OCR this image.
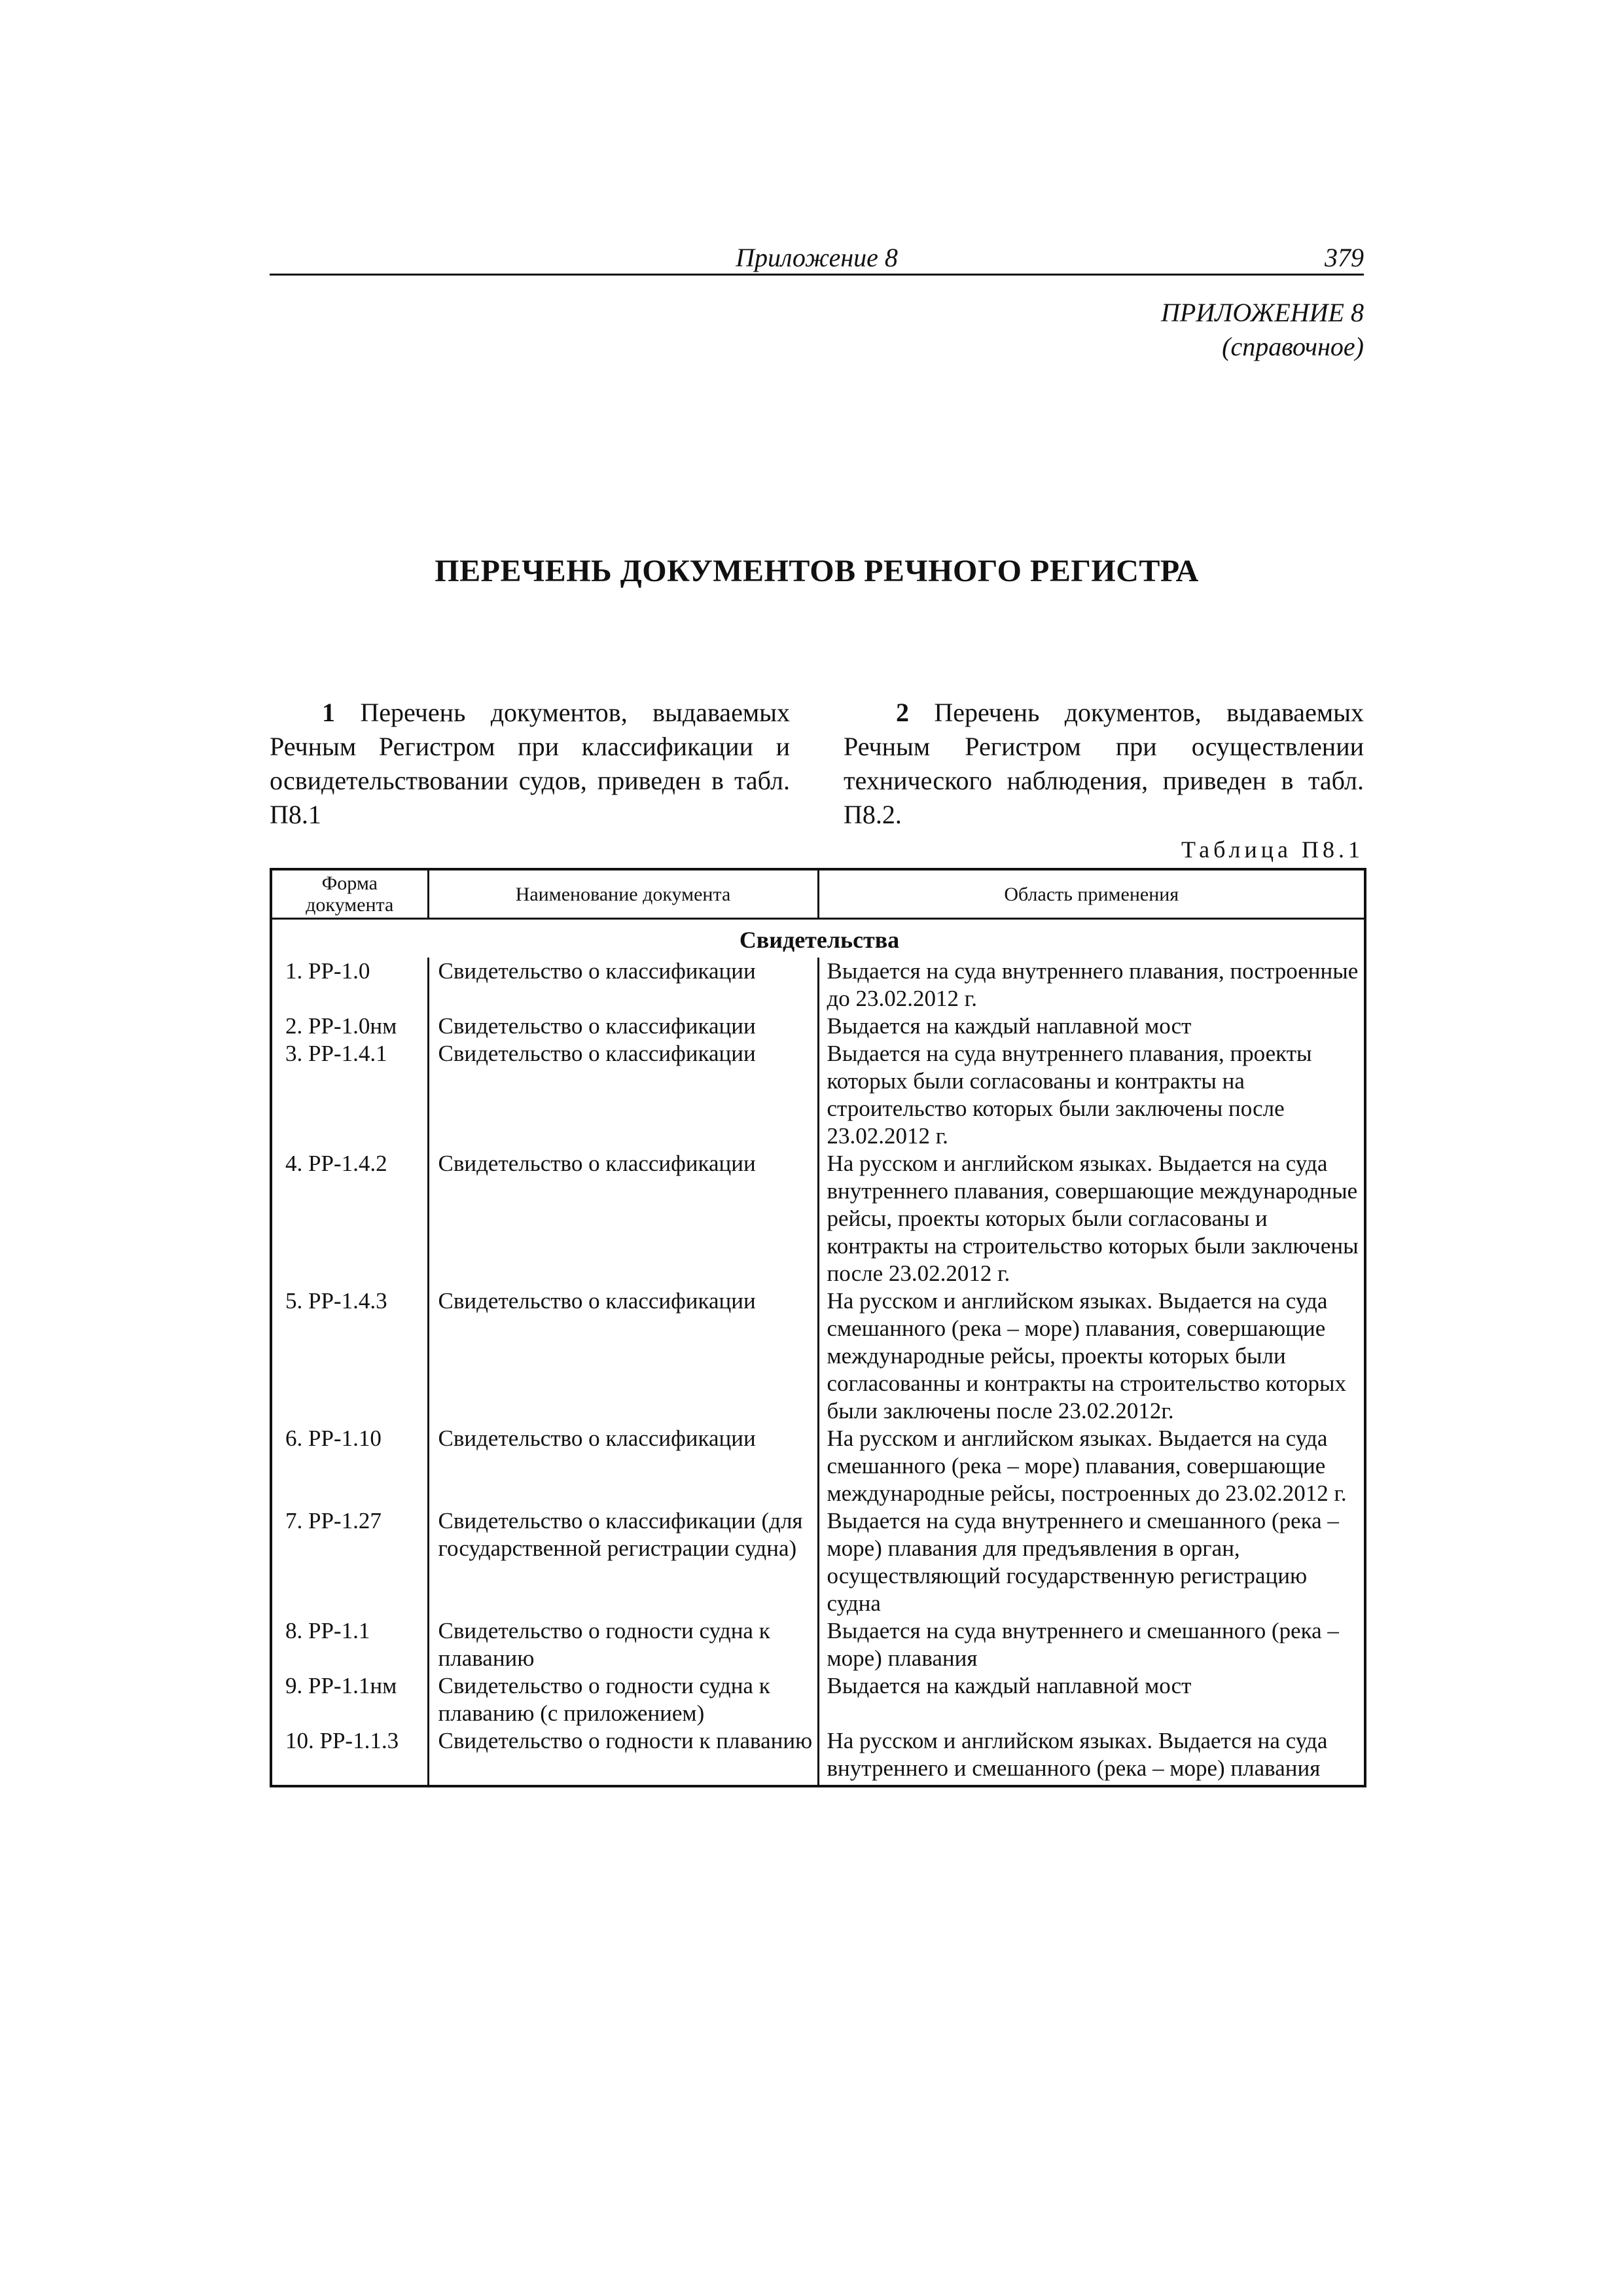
Приложение 8	379
ПРИЛОЖЕНИЕ 8
(справочное)
ПЕРЕЧЕНЬ ДОКУМЕНТОВ РЕЧНОГО РЕГИСТРА
1 Перечень документов, выдаваемых Речным Регистром при классификации и освидетельствовании судов, приведен в табл. П8.1
2 Перечень документов, выдаваемых Речным Регистром при осуществлении технического наблюдения, приведен в табл. П8.2.
Таблица П8.1
Форма документа	Наименование документа	Область применения
Свидетельства		
1. РР-1.0	Свидетельство о классификации	Выдается на суда внутреннего плавания, построенные до 23.02.2012 г.
2. РР-1.0нм	Свидетельство о классификации	Выдается на каждый наплавной мост
3. РР-1.4.1	Свидетельство о классификации	Выдается на суда внутреннего плавания, проекты которых были согласованы и контракты на строительство которых были заключены после 23.02.2012 г.
4. РР-1.4.2	Свидетельство о классификации	На русском и английском языках. Выдается на суда внутреннего плавания, совершающие международные рейсы, проекты которых были согласованы и контракты на строительство которых были заключены после 23.02.2012 г.
5. РР-1.4.3	Свидетельство о классификации	На русском и английском языках. Выдается на суда смешанного (река – море) плавания, совершающие международные рейсы, проекты которых были согласованны и контракты на строительство которых были заключены после 23.02.2012г.
6. РР-1.10	Свидетельство о классификации	На русском и английском языках. Выдается на суда смешанного (река – море) плавания, совершающие международные рейсы, построенных до 23.02.2012 г.
7. РР-1.27	Свидетельство о классификации (для государственной регистрации судна)	Выдается на суда внутреннего и смешанного (река – море) плавания для предъявления в орган, осуществляющий государственную регистрацию судна
8. РР-1.1	Свидетельство о годности судна к плаванию	Выдается на суда внутреннего и смешанного (река – море) плавания
9. РР-1.1нм	Свидетельство о годности судна к плаванию (с приложением)	Выдается на каждый наплавной мост
10. РР-1.1.3	Свидетельство о годности к плаванию	На русском и английском языках. Выдается на суда внутреннего и смешанного (река – море) плавания
